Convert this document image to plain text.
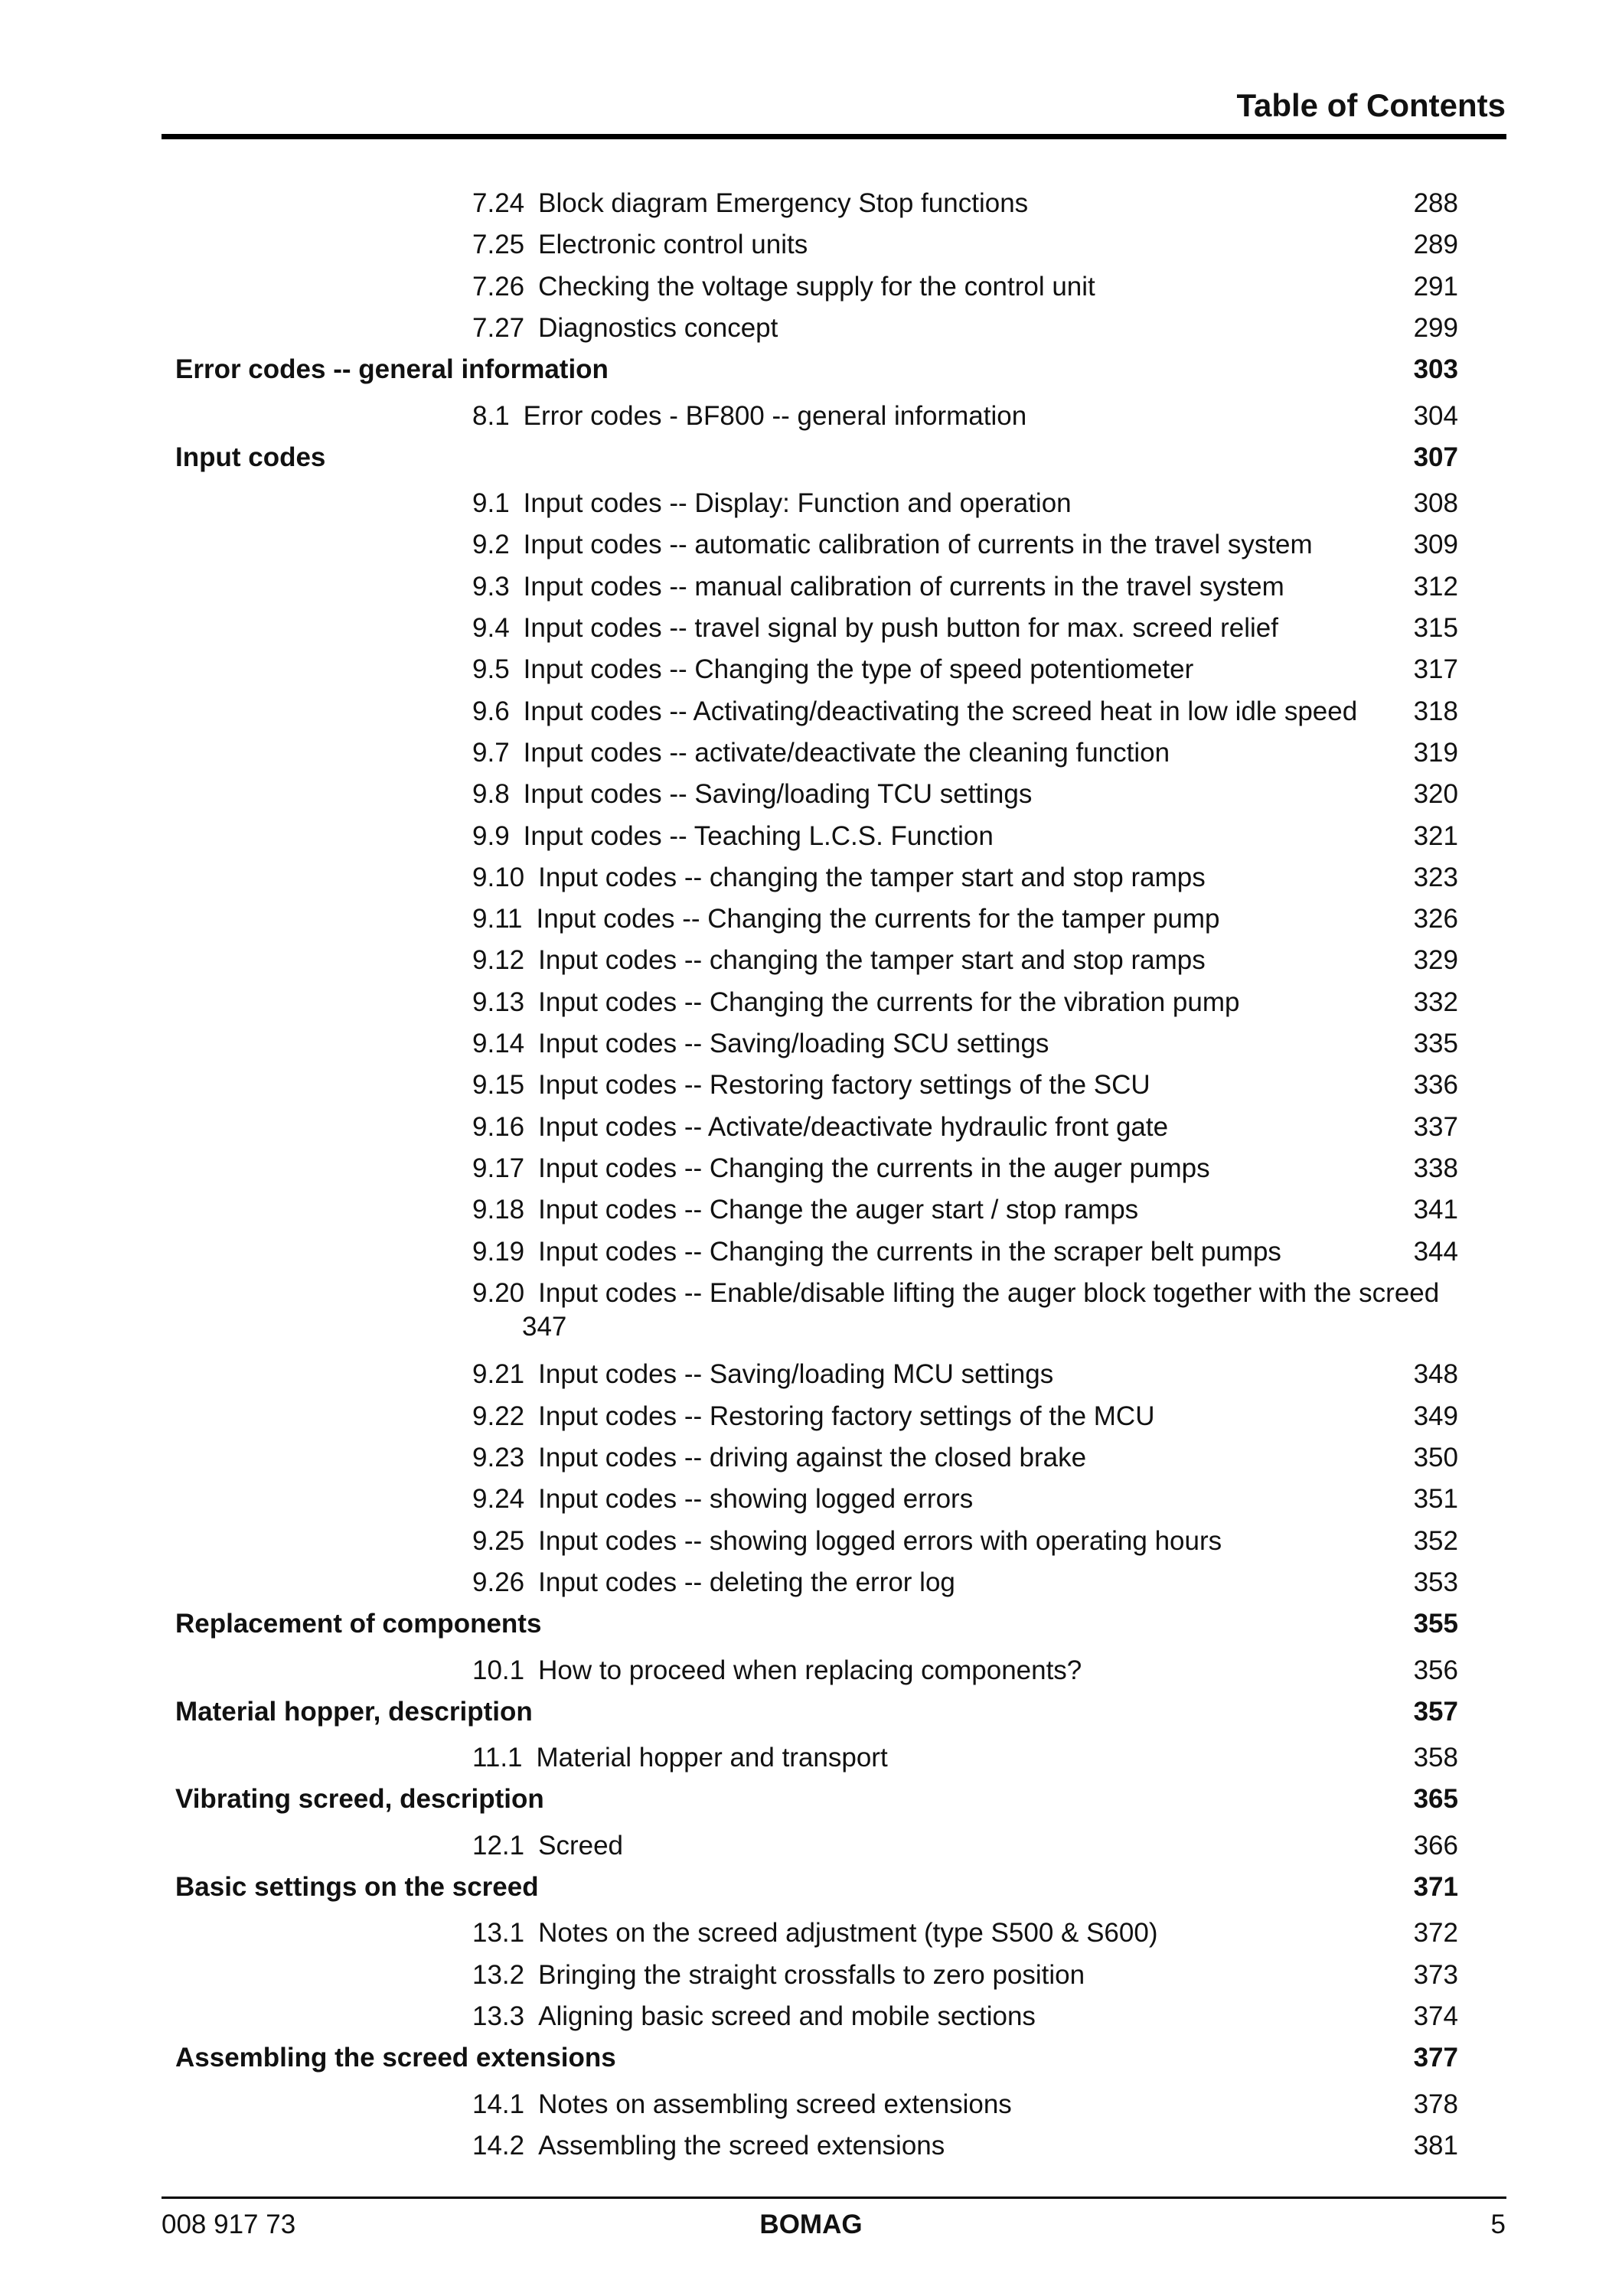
Table of Contents
7.24 Block diagram Emergency Stop functions	288
7.25 Electronic control units	289
7.26 Checking the voltage supply for the control unit	291
7.27 Diagnostics concept	299
Error codes -- general information	303
8.1 Error codes - BF800 -- general information	304
Input codes	307
9.1 Input codes -- Display: Function and operation	308
9.2 Input codes -- automatic calibration of currents in the travel system	309
9.3 Input codes -- manual calibration of currents in the travel system	312
9.4 Input codes -- travel signal by push button for max. screed relief	315
9.5 Input codes -- Changing the type of speed potentiometer	317
9.6 Input codes -- Activating/deactivating the screed heat in low idle speed 318
9.7 Input codes -- activate/deactivate the cleaning function	319
9.8 Input codes -- Saving/loading TCU settings	320
9.9 Input codes -- Teaching L.C.S. Function	321
9.10 Input codes -- changing the tamper start and stop ramps	323
9.11 Input codes -- Changing the currents for the tamper pump	326
9.12 Input codes -- changing the tamper start and stop ramps	329
9.13 Input codes -- Changing the currents for the vibration pump	332
9.14 Input codes -- Saving/loading SCU settings	335
9.15 Input codes -- Restoring factory settings of the SCU	336
9.16 Input codes -- Activate/deactivate hydraulic front gate	337
9.17 Input codes -- Changing the currents in the auger pumps	338
9.18 Input codes -- Change the auger start / stop ramps	341
9.19 Input codes -- Changing the currents in the scraper belt pumps	344
9.20 Input codes -- Enable/disable lifting the auger block together with the screed
347
9.21 Input codes -- Saving/loading MCU settings	348
9.22 Input codes -- Restoring factory settings of the MCU	349
9.23 Input codes -- driving against the closed brake	350
9.24 Input codes -- showing logged errors	351
9.25 Input codes -- showing logged errors with operating hours	352
9.26 Input codes -- deleting the error log	353
Replacement of components	355
10.1 How to proceed when replacing components?	356
Material hopper, description	357
11.1 Material hopper and transport	358
Vibrating screed, description	365
12.1 Screed	366
Basic settings on the screed	371
13.1 Notes on the screed adjustment (type S500 & S600)	372
13.2 Bringing the straight crossfalls to zero position	373
13.3 Aligning basic screed and mobile sections	374
Assembling the screed extensions	377
14.1 Notes on assembling screed extensions	378
14.2 Assembling the screed extensions	381
008 917 73	BOMAG	5
